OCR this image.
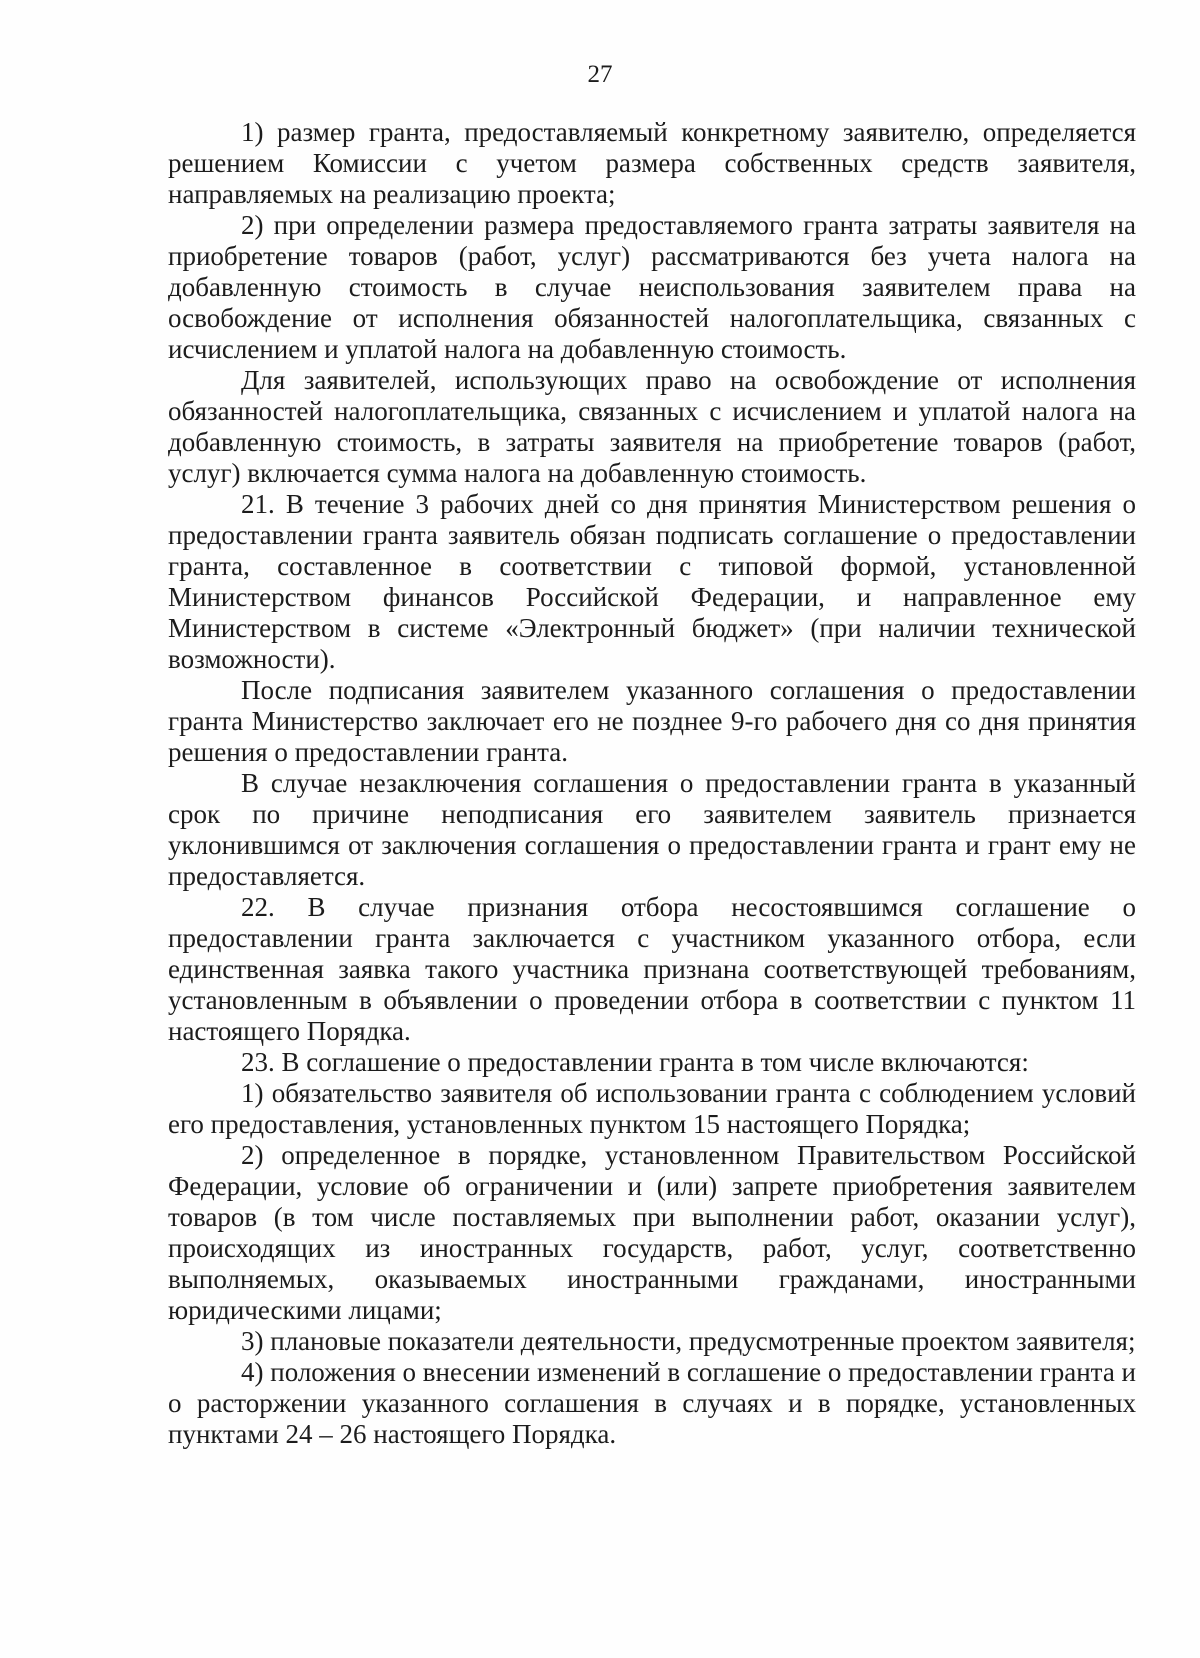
27

1) размер гранта, предоставляемый конкретному заявителю, определяется решением Комиссии с учетом размера собственных средств заявителя, направляемых на реализацию проекта;

2) при определении размера предоставляемого гранта затраты заявителя на приобретение товаров (работ, услуг) рассматриваются без учета налога на добавленную стоимость в случае неиспользования заявителем права на освобождение от исполнения обязанностей налогоплательщика, связанных с исчислением и уплатой налога на добавленную стоимость.

Для заявителей, использующих право на освобождение от исполнения обязанностей налогоплательщика, связанных с исчислением и уплатой налога на добавленную стоимость, в затраты заявителя на приобретение товаров (работ, услуг) включается сумма налога на добавленную стоимость.

21. В течение 3 рабочих дней со дня принятия Министерством решения о предоставлении гранта заявитель обязан подписать соглашение о предоставлении гранта, составленное в соответствии с типовой формой, установленной Министерством финансов Российской Федерации, и направленное ему Министерством в системе «Электронный бюджет» (при наличии технической возможности).

После подписания заявителем указанного соглашения о предоставлении гранта Министерство заключает его не позднее 9-го рабочего дня со дня принятия решения о предоставлении гранта.

В случае незаключения соглашения о предоставлении гранта в указанный срок по причине неподписания его заявителем заявитель признается уклонившимся от заключения соглашения о предоставлении гранта и грант ему не предоставляется.

22. В случае признания отбора несостоявшимся соглашение о предоставлении гранта заключается с участником указанного отбора, если единственная заявка такого участника признана соответствующей требованиям, установленным в объявлении о проведении отбора в соответствии с пунктом 11 настоящего Порядка.

23. В соглашение о предоставлении гранта в том числе включаются:

1) обязательство заявителя об использовании гранта с соблюдением условий его предоставления, установленных пунктом 15 настоящего Порядка;

2) определенное в порядке, установленном Правительством Российской Федерации, условие об ограничении и (или) запрете приобретения заявителем товаров (в том числе поставляемых при выполнении работ, оказании услуг), происходящих из иностранных государств, работ, услуг, соответственно выполняемых, оказываемых иностранными гражданами, иностранными юридическими лицами;

3) плановые показатели деятельности, предусмотренные проектом заявителя;

4) положения о внесении изменений в соглашение о предоставлении гранта и о расторжении указанного соглашения в случаях и в порядке, установленных пунктами 24 – 26 настоящего Порядка.
